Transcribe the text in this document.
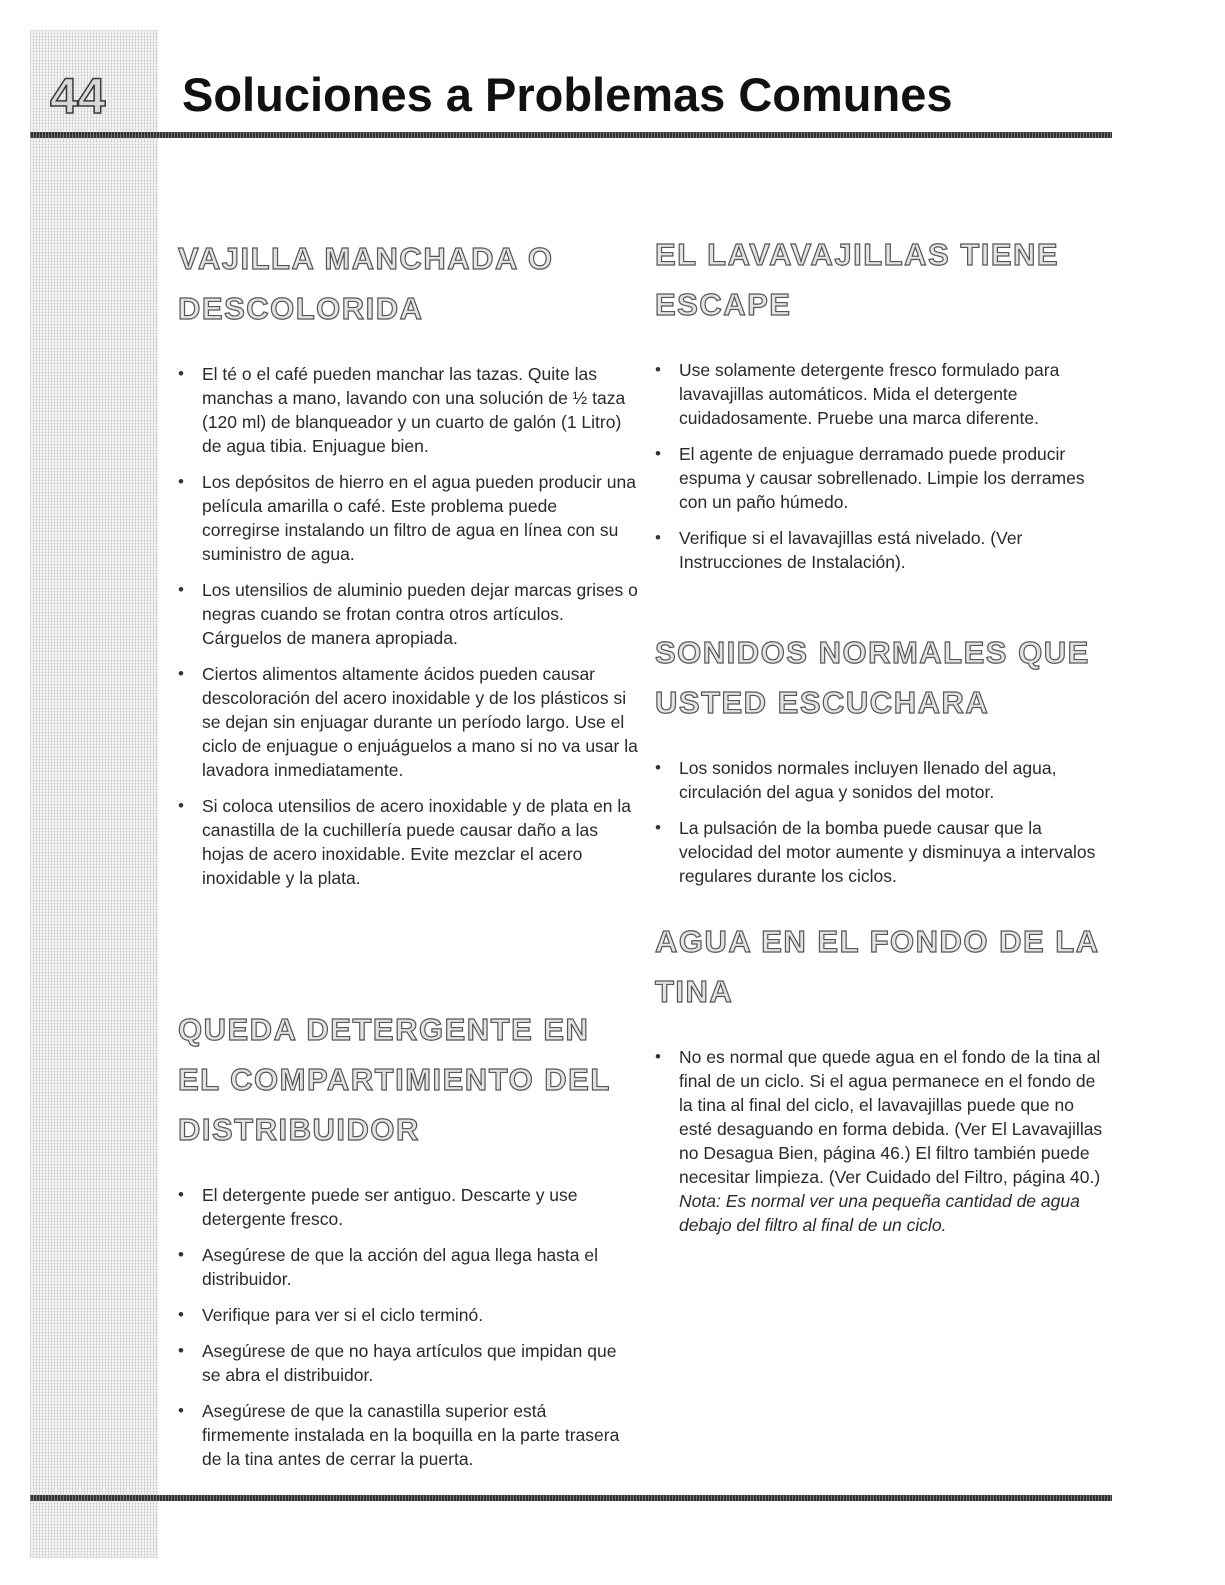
44 Soluciones a Problemas Comunes
VAJILLA MANCHADA O DESCOLORIDA
•	El té o el café pueden manchar las tazas. Quite las manchas a mano, lavando con una solución de ½ taza (120 ml) de blanqueador y un cuarto de galón (1 Litro) de agua tibia. Enjuague bien.
•	Los depósitos de hierro en el agua pueden producir una película amarilla o café. Este problema puede corregirse instalando un filtro de agua en línea con su suministro de agua.
•	Los utensilios de aluminio pueden dejar marcas grises o negras cuando se frotan contra otros artículos. Cárguelos de manera apropiada.
•	Ciertos alimentos altamente ácidos pueden causar descoloración del acero inoxidable y de los plásticos si se dejan sin enjuagar durante un período largo. Use el ciclo de enjuague o enjuáguelos a mano si no va usar la lavadora inmediatamente.
•	Si coloca utensilios de acero inoxidable y de plata en la canastilla de la cuchillería puede causar daño a las hojas de acero inoxidable. Evite mezclar el acero inoxidable y la plata.
QUEDA DETERGENTE EN EL COMPARTIMIENTO DEL DISTRIBUIDOR
•	El detergente puede ser antiguo. Descarte y use detergente fresco.
•	Asegúrese de que la acción del agua llega hasta el distribuidor.
•	Verifique para ver si el ciclo terminó.
•	Asegúrese de que no haya artículos que impidan que se abra el distribuidor.
•	Asegúrese de que la canastilla superior está firmemente instalada en la boquilla en la parte trasera de la tina antes de cerrar la puerta.
EL LAVAVAJILLAS TIENE ESCAPE
•	Use solamente detergente fresco formulado para lavavajillas automáticos. Mida el detergente cuidadosamente. Pruebe una marca diferente.
•	El agente de enjuague derramado puede producir espuma y causar sobrellenado. Limpie los derrames con un paño húmedo.
•	Verifique si el lavavajillas está nivelado. (Ver Instrucciones de Instalación).
SONIDOS NORMALES QUE USTED ESCUCHARA
•	Los sonidos normales incluyen llenado del agua, circulación del agua y sonidos del motor.
•	La pulsación de la bomba puede causar que la velocidad del motor aumente y disminuya a intervalos regulares durante los ciclos.
AGUA EN EL FONDO DE LA TINA
•	No es normal que quede agua en el fondo de la tina al final de un ciclo. Si el agua permanece en el fondo de la tina al final del ciclo, el lavavajillas puede que no esté desaguando en forma debida. (Ver El Lavavajillas no Desagua Bien, página 46.) El filtro también puede necesitar limpieza. (Ver Cuidado del Filtro, página 40.) Nota: Es normal ver una pequeña cantidad de agua debajo del filtro al final de un ciclo.
